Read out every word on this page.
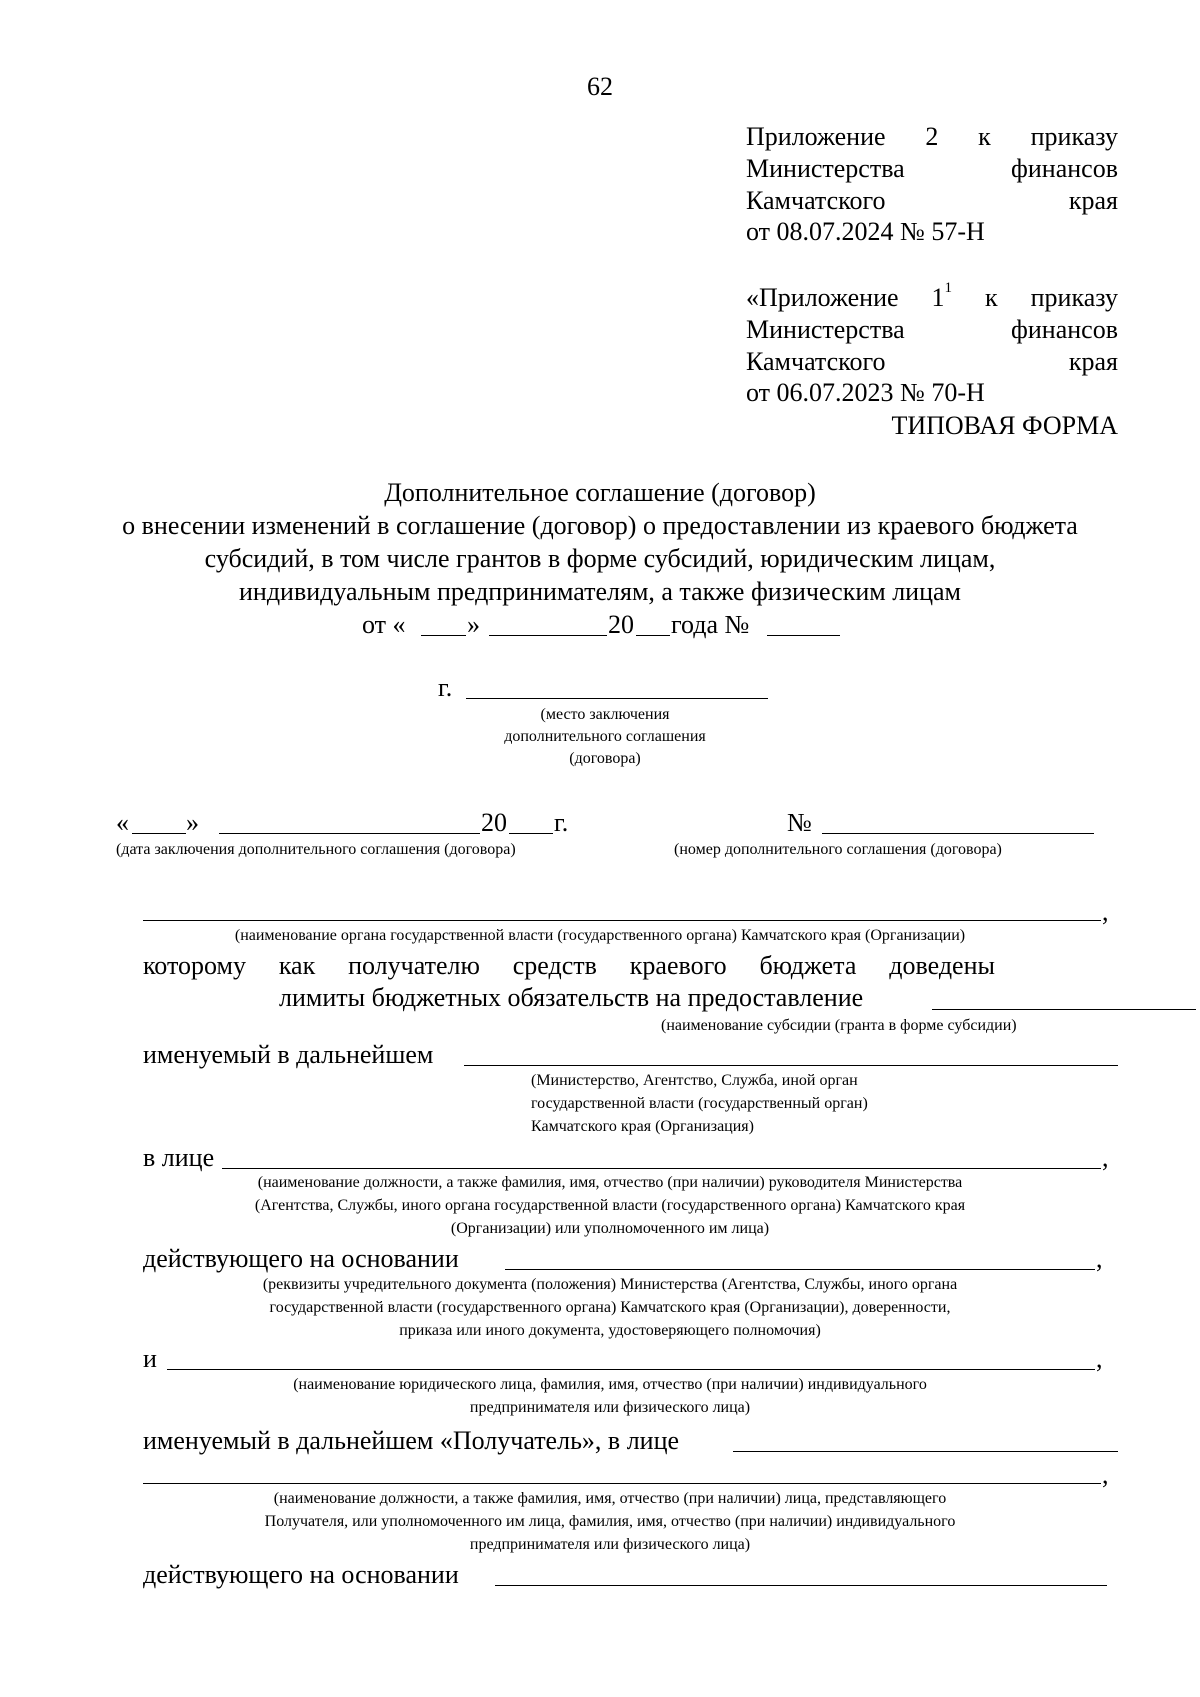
62
Приложение 2 к приказу
Министерства	финансов
Камчатского	края
от 08.07.2024 № 57-Н
«Приложение $1^1$ к приказу
Министерства	финансов
Камчатского	края
от 06.07.2023 № 70-Н
ТИПОВАЯ ФОРМА
Дополнительное соглашение (договор)
о внесении изменений в соглашение (договор) о предоставлении из краевого бюджета
субсидий, в том числе грантов в форме субсидий, юридическим лицам,
индивидуальным предпринимателям, а также физическим лицам
от « »	20 года №
г.
(место заключения
дополнительного соглашения
(договора)
« »	20 г.	№
(дата заключения дополнительного соглашения (договора)	(номер дополнительного соглашения (договора)
,
(наименование органа государственной власти (государственного органа) Камчатского края (Организации)
которому как получателю средств краевого бюджета доведены
лимиты бюджетных обязательств на предоставление
(наименование субсидии (гранта в форме субсидии)
именуемый в дальнейшем
(Министерство, Агентство, Служба, иной орган
государственной власти (государственный орган)
Камчатского края (Организация)
в лице	,
(наименование должности, а также фамилия, имя, отчество (при наличии) руководителя Министерства
(Агентства, Службы, иного органа государственной власти (государственного органа) Камчатского края
(Организации) или уполномоченного им лица)
действующего на основании	,
(реквизиты учредительного документа (положения) Министерства (Агентства, Службы, иного органа
государственной власти (государственного органа) Камчатского края (Организации), доверенности,
приказа или иного документа, удостоверяющего полномочия)
и	,
(наименование юридического лица, фамилия, имя, отчество (при наличии) индивидуального
предпринимателя или физического лица)
именуемый в дальнейшем «Получатель», в лице
,
(наименование должности, а также фамилия, имя, отчество (при наличии) лица, представляющего
Получателя, или уполномоченного им лица, фамилия, имя, отчество (при наличии) индивидуального
предпринимателя или физического лица)
действующего на основании
